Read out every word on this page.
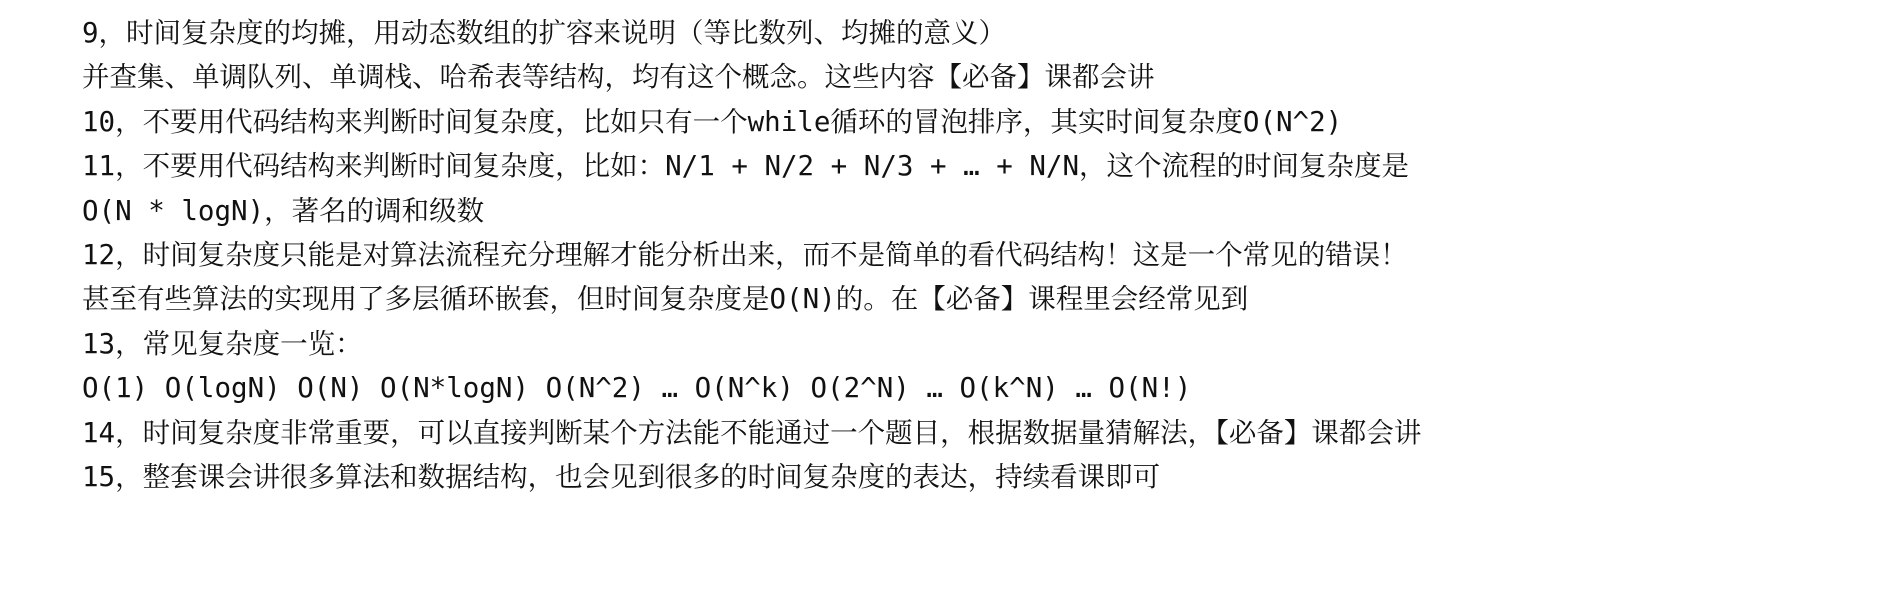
9，时间复杂度的均摊，用动态数组的扩容来说明（等比数列、均摊的意义）
并查集、单调队列、单调栈、哈希表等结构，均有这个概念。这些内容【必备】课都会讲
10，不要用代码结构来判断时间复杂度，比如只有一个while循环的冒泡排序，其实时间复杂度O(N^2)
11，不要用代码结构来判断时间复杂度，比如：N/1 + N/2 + N/3 + … + N/N，这个流程的时间复杂度是
O(N * logN)，著名的调和级数
12，时间复杂度只能是对算法流程充分理解才能分析出来，而不是简单的看代码结构！这是一个常见的错误！
甚至有些算法的实现用了多层循环嵌套，但时间复杂度是O(N)的。在【必备】课程里会经常见到
13，常见复杂度一览：
O(1) O(logN) O(N) O(N*logN) O(N^2) … O(N^k) O(2^N) … O(k^N) … O(N!)
14，时间复杂度非常重要，可以直接判断某个方法能不能通过一个题目，根据数据量猜解法，【必备】课都会讲
15，整套课会讲很多算法和数据结构，也会见到很多的时间复杂度的表达，持续看课即可
